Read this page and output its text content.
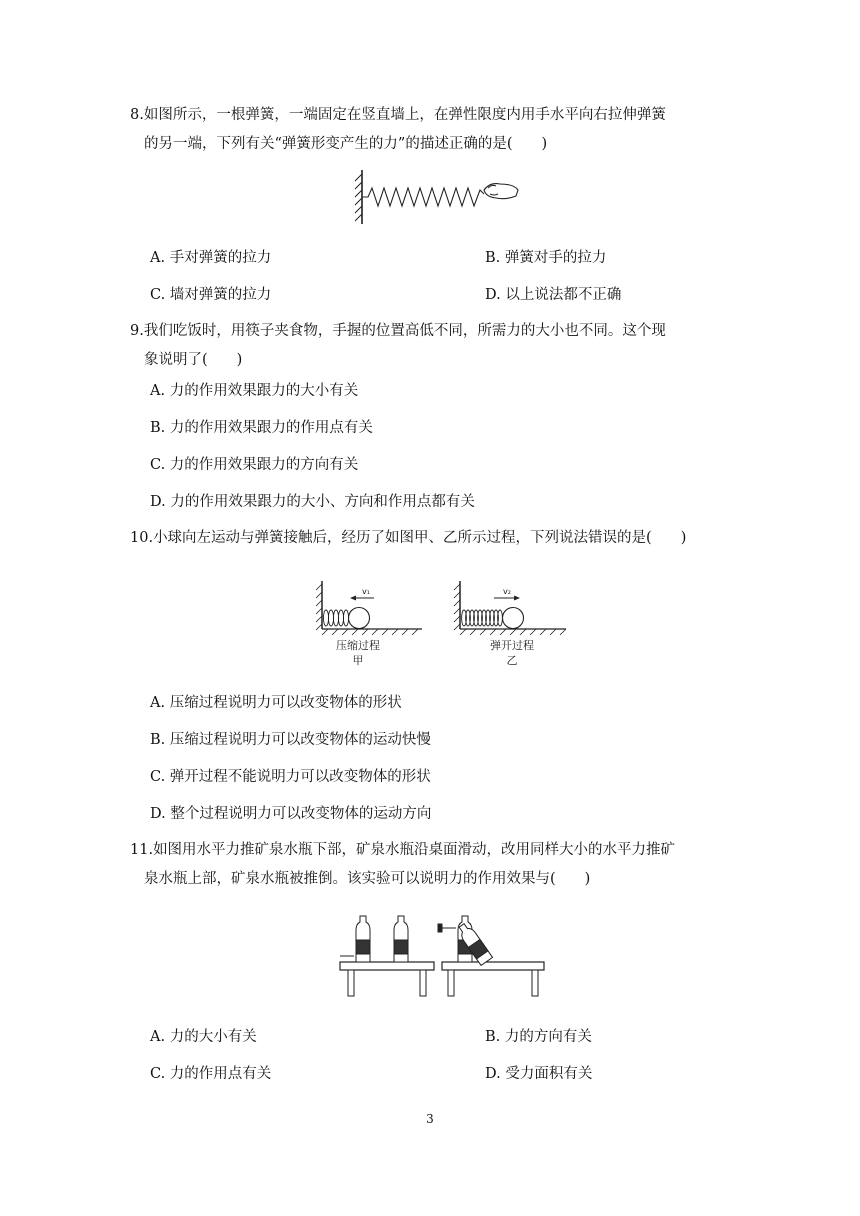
8.如图所示，一根弹簧，一端固定在竖直墙上，在弹性限度内用手水平向右拉伸弹簧
的另一端，下列有关“弹簧形变产生的力”的描述正确的是(　　)
A. 手对弹簧的拉力	B. 弹簧对手的拉力
C. 墙对弹簧的拉力	D. 以上说法都不正确
9.我们吃饭时，用筷子夹食物，手握的位置高低不同，所需力的大小也不同。这个现
象说明了(　　)
A. 力的作用效果跟力的大小有关
B. 力的作用效果跟力的作用点有关
C. 力的作用效果跟力的方向有关
D. 力的作用效果跟力的大小、方向和作用点都有关
10.小球向左运动与弹簧接触后，经历了如图甲、乙所示过程，下列说法错误的是(　　)
v₁
压缩过程
甲
v₂
弹开过程
乙
A. 压缩过程说明力可以改变物体的形状
B. 压缩过程说明力可以改变物体的运动快慢
C. 弹开过程不能说明力可以改变物体的形状
D. 整个过程说明力可以改变物体的运动方向
11.如图用水平力推矿泉水瓶下部，矿泉水瓶沿桌面滑动，改用同样大小的水平力推矿
泉水瓶上部，矿泉水瓶被推倒。该实验可以说明力的作用效果与(　　)
A. 力的大小有关	B. 力的方向有关
C. 力的作用点有关	D. 受力面积有关
3
